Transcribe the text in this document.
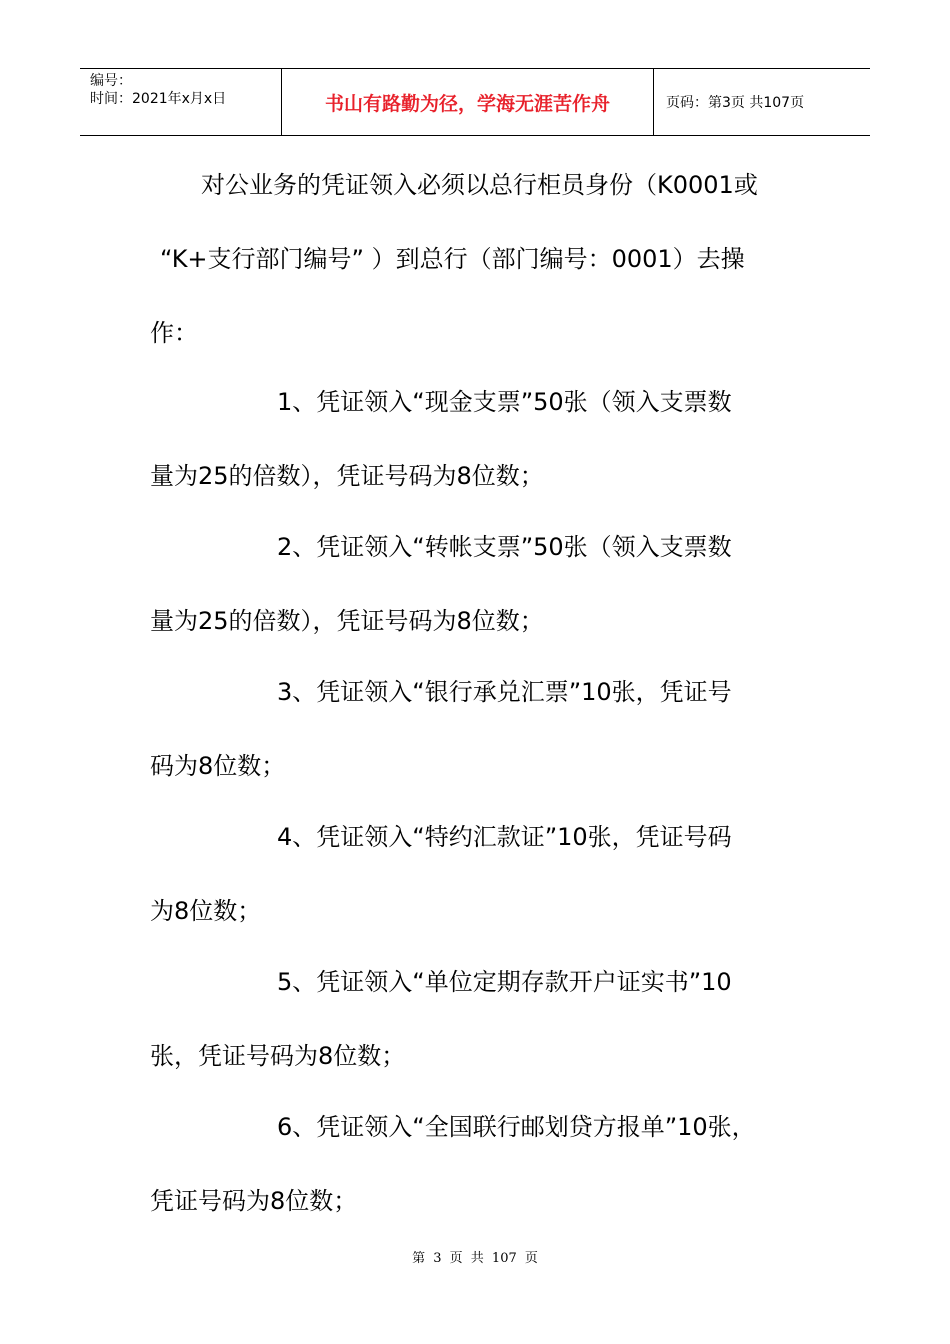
编号：
时间：2021年x月x日	书山有路勤为径，学海无涯苦作舟	页码：第3页 共107页
对公业务的凭证领入必须以总行柜员身份（K0001或
“K+支行部门编号” ）到总行（部门编号：0001）去操
作：
1、凭证领入“现金支票”50张（领入支票数
量为25的倍数），凭证号码为8位数；
2、凭证领入“转帐支票”50张（领入支票数
量为25的倍数），凭证号码为8位数；
3、凭证领入“银行承兑汇票”10张，凭证号
码为8位数；
4、凭证领入“特约汇款证”10张，凭证号码
为8位数；
5、凭证领入“单位定期存款开户证实书”10
张，凭证号码为8位数；
6、凭证领入“全国联行邮划贷方报单”10张，
凭证号码为8位数；
第 3 页 共 107 页
